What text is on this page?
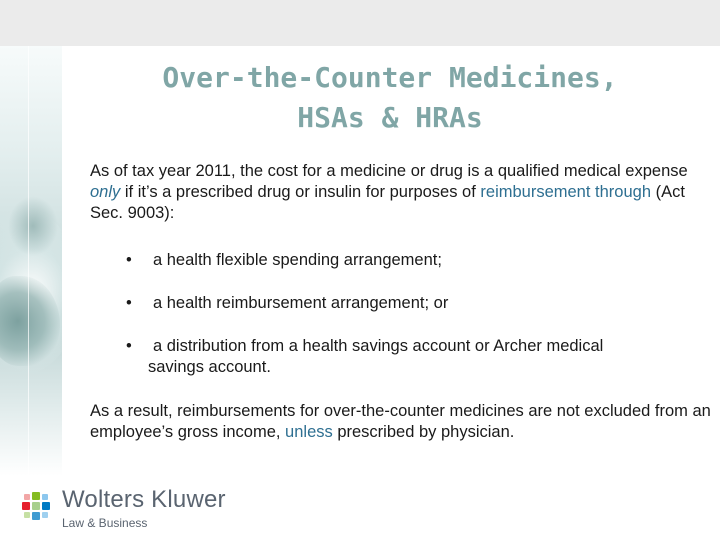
Over-the-Counter Medicines,
HSAs & HRAs

As of tax year 2011, the cost for a medicine or drug is a qualified medical expense only if it’s a prescribed drug or insulin for purposes of reimbursement through (Act Sec. 9003):

•	a health flexible spending arrangement;
•	a health reimbursement arrangement; or
•	a distribution from a health savings account or Archer medical savings account.

As a result, reimbursements for over-the-counter medicines are not excluded from an employee’s gross income, unless prescribed by physician.

Wolters Kluwer
Law & Business
